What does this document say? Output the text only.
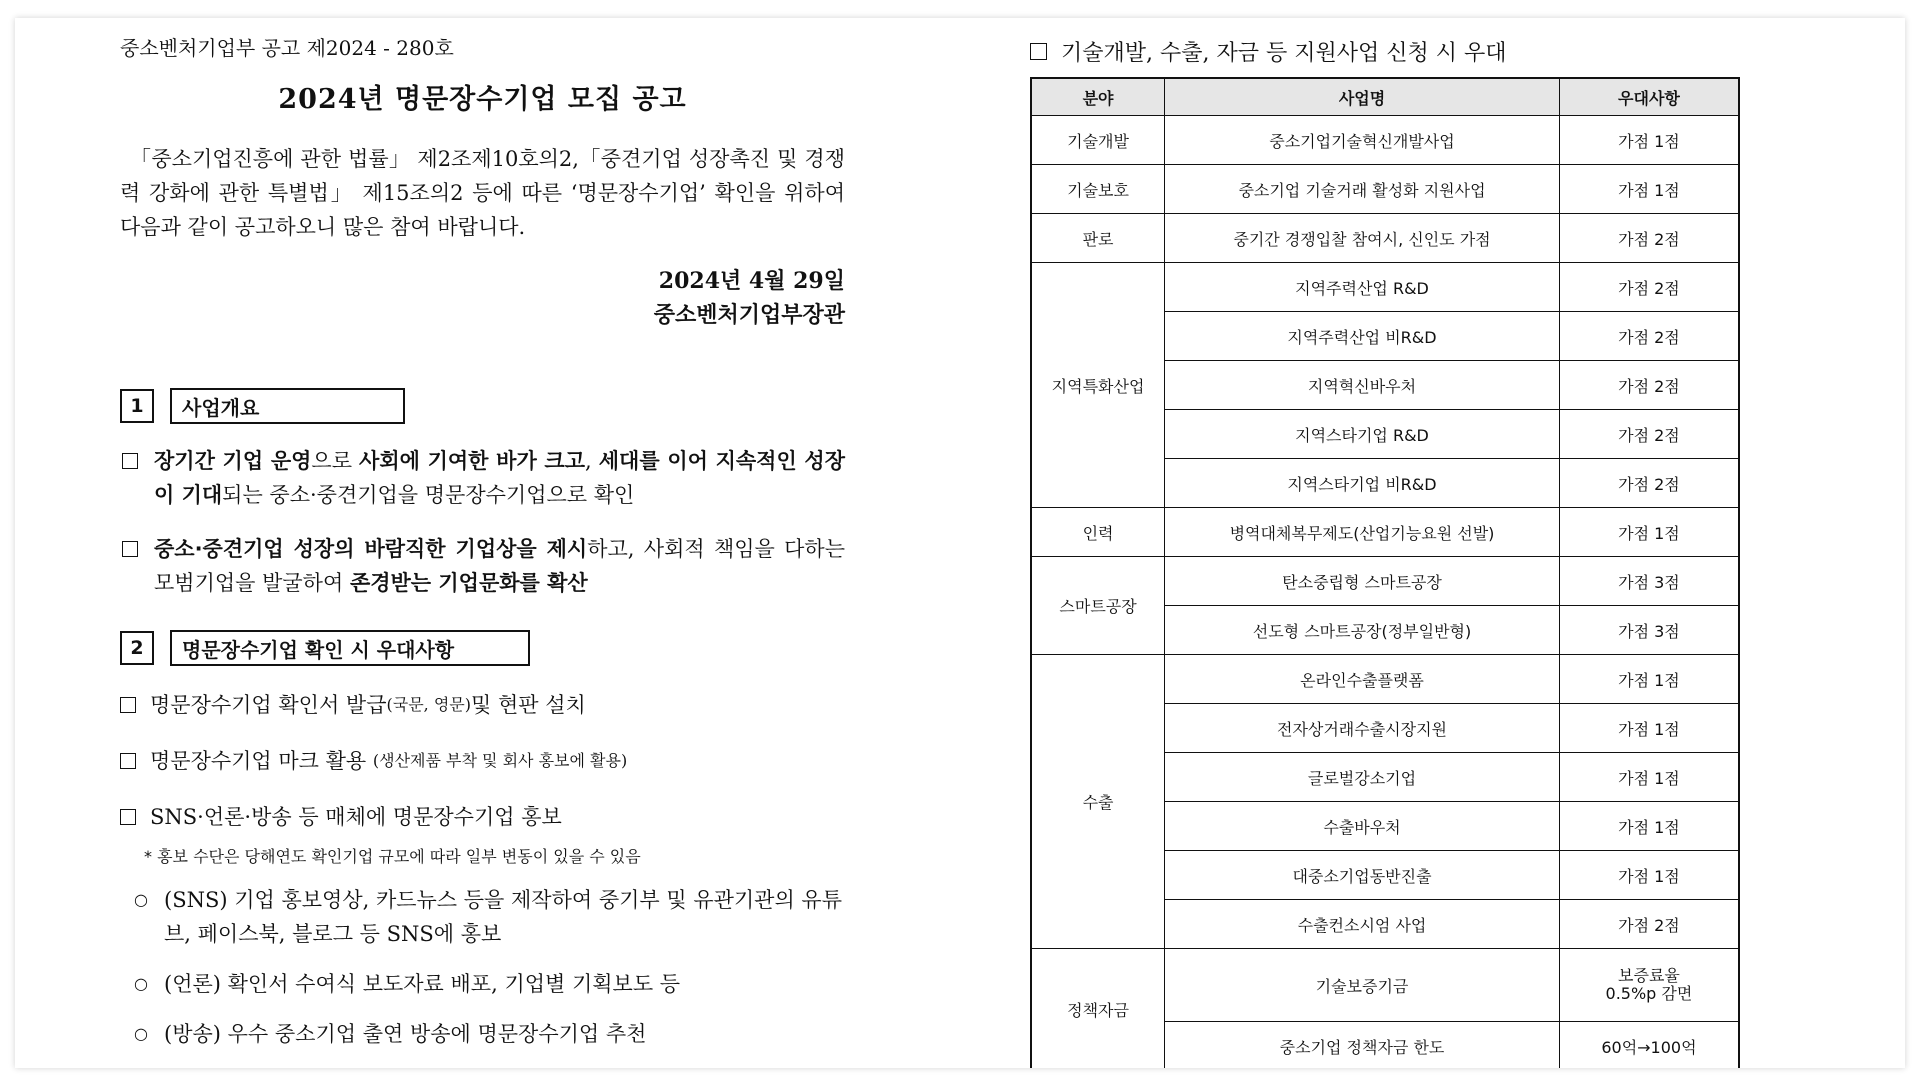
중소벤처기업부 공고 제2024 - 280호
2024년 명문장수기업 모집 공고
「중소기업진흥에 관한 법률」 제2조제10호의2,「중견기업 성장촉진 및 경쟁력 강화에 관한 특별법」 제15조의2 등에 따른 ‘명문장수기업’ 확인을 위하여 다음과 같이 공고하오니 많은 참여 바랍니다.
2024년 4월 29일
중소벤처기업부장관
1	사업개요
장기간 기업 운영으로 사회에 기여한 바가 크고, 세대를 이어 지속적인 성장이 기대되는 중소·중견기업을 명문장수기업으로 확인
중소·중견기업 성장의 바람직한 기업상을 제시하고, 사회적 책임을 다하는 모범기업을 발굴하여 존경받는 기업문화를 확산
2	명문장수기업 확인 시 우대사항
명문장수기업 확인서 발급 (국문, 영문) 및 현판 설치
명문장수기업 마크 활용
(생산제품 부착 및 회사 홍보에 활용)
SNS·언론·방송 등 매체에 명문장수기업 홍보
* 홍보 수단은 당해연도 확인기업 규모에 따라 일부 변동이 있을 수 있음
○ (SNS) 기업 홍보영상, 카드뉴스 등을 제작하여 중기부 및 유관기관의 유튜브, 페이스북, 블로그 등 SNS에 홍보
○ (언론) 확인서 수여식 보도자료 배포, 기업별 기획보도 등
○ (방송) 우수 중소기업 출연 방송에 명문장수기업 추천
기술개발, 수출, 자금 등 지원사업 신청 시 우대
분야	사업명	우대사항
기술개발	중소기업기술혁신개발사업	가점 1점
기술보호	중소기업 기술거래 활성화 지원사업	가점 1점
판로	중기간 경쟁입찰 참여시, 신인도 가점	가점 2점
지역특화산업	지역주력산업 R&D	가점 2점
	지역주력산업 비R&D	가점 2점
	지역혁신바우처	가점 2점
	지역스타기업 R&D	가점 2점
	지역스타기업 비R&D	가점 2점
인력	병역대체복무제도(산업기능요원 선발)	가점 1점
스마트공장	탄소중립형 스마트공장	가점 3점
	선도형 스마트공장(정부일반형)	가점 3점
수출	온라인수출플랫폼	가점 1점
	전자상거래수출시장지원	가점 1점
	글로벌강소기업	가점 1점
	수출바우처	가점 1점
	대중소기업동반진출	가점 1점
	수출컨소시엄 사업	가점 2점
정책자금	기술보증기금	보증료율
0.5%p 감면
	중소기업 정책자금 한도	60억→100억
